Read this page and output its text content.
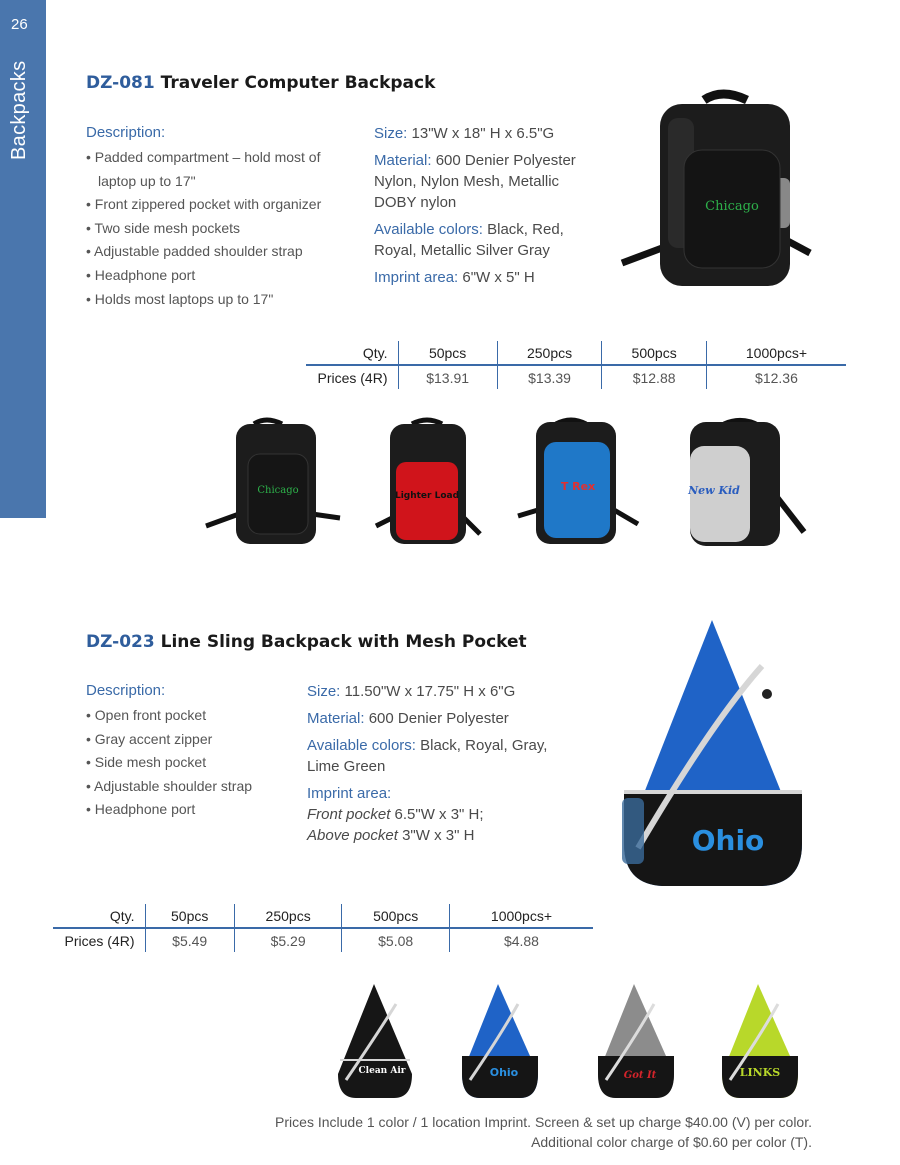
26
Backpacks	DZ-081 Traveler Computer Backpack
Description:
• Padded compartment – hold most of laptop up to 17"
• Front zippered pocket with organizer
• Two side mesh pockets
• Adjustable padded shoulder strap
• Headphone port
• Holds most laptops up to 17"

Size: 13"W x 18" H x 6.5"G

Material: 600 Denier Polyester Nylon, Nylon Mesh, Metallic DOBY nylon

Available colors: Black, Red, Royal, Metallic Silver Gray

Imprint area: 6"W x 5" H

Chicago
Qty.	50pcs	250pcs	500pcs	1000pcs+
Prices (4R)	$13.91	$13.39	$12.88	$12.36
Chicago	Lighter Load
T Rex	New Kid
DZ-023 Line Sling Backpack with Mesh Pocket
Description:
• Open front pocket
• Gray accent zipper
• Side mesh pocket
• Adjustable shoulder strap
• Headphone port

Size: 11.50"W x 17.75" H x 6"G

Material: 600 Denier Polyester

Available colors: Black, Royal, Gray, Lime Green

Imprint area:

Front pocket 6.5"W x 3" H;

Above pocket 3"W x 3" H	Ohio
Qty.	50pcs	250pcs	500pcs	1000pcs+
Prices (4R)	$5.49	$5.29	$5.08	$4.88
Clean Air	Ohio	Got It	LINKS
Prices Include 1 color / 1 location Imprint. Screen & set up charge $40.00 (V) per color.
Additional color charge of $0.60 per color (T).
